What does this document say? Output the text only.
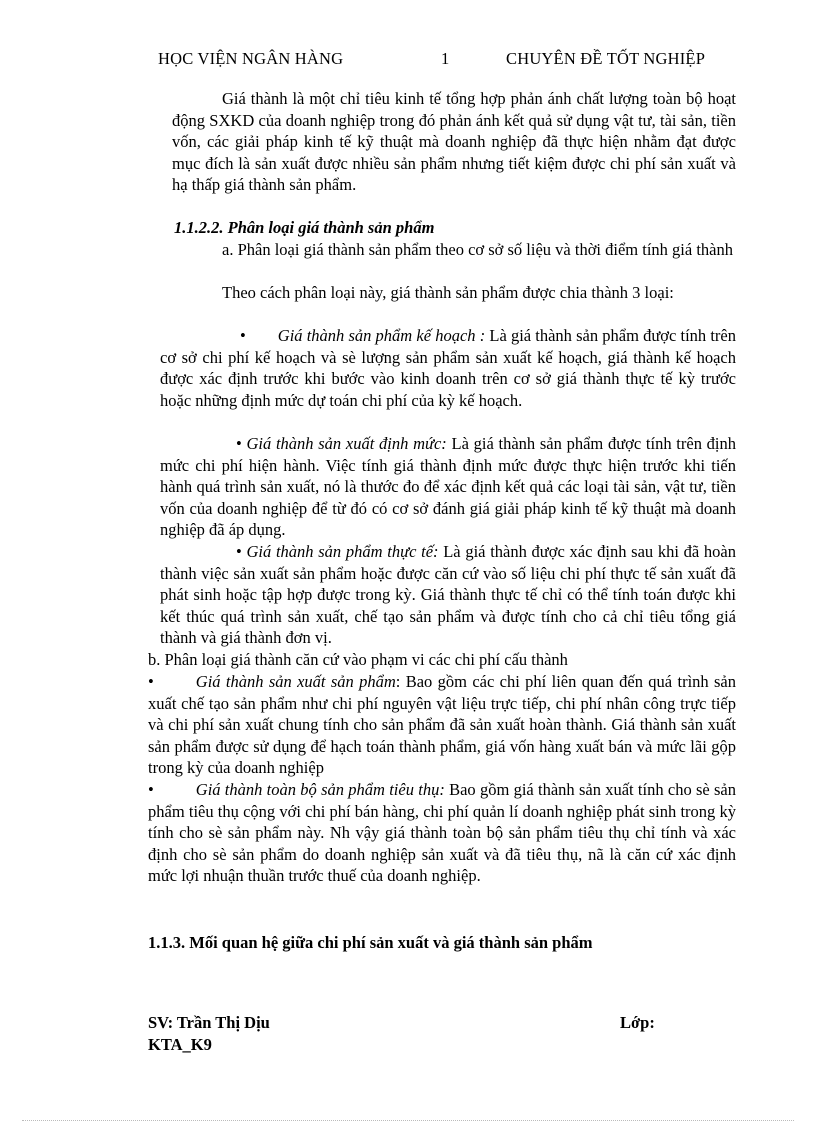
HỌC VIỆN NGÂN HÀNG	1	CHUYÊN ĐỀ TỐT NGHIỆP

Giá thành là một chỉ tiêu kinh tế tổng hợp phản ánh chất lượng toàn bộ hoạt động SXKD của doanh nghiệp trong đó phản ánh kết quả sử dụng vật tư, tài sản, tiền vốn, các giải pháp kinh tế kỹ thuật mà doanh nghiệp đã thực hiện nhằm đạt được mục đích là sản xuất được nhiều sản phẩm nhưng tiết kiệm được chi phí sản xuất và hạ thấp giá thành sản phẩm.

1.1.2.2. Phân loại giá thành sản phẩm

a. Phân loại giá thành sản phẩm theo cơ sở số liệu và thời điểm tính giá thành

Theo cách phân loại này, giá thành sản phẩm được chia thành 3 loại:

• Giá thành sản phẩm kế hoạch : Là giá thành sản phẩm được tính trên cơ sở chi phí kế hoạch và sè lượng sản phẩm sản xuất kế hoạch, giá thành kế hoạch được xác định trước khi bước vào kinh doanh trên cơ sở giá thành thực tế kỳ trước hoặc những định mức dự toán chi phí của kỳ kế hoạch.

• Giá thành sản xuất định mức: Là giá thành sản phẩm được tính trên định mức chi phí hiện hành. Việc tính giá thành định mức được thực hiện trước khi tiến hành quá trình sản xuất, nó là thước đo để xác định kết quả các loại tài sản, vật tư, tiền vốn của doanh nghiệp để từ đó có cơ sở đánh giá giải pháp kinh tế kỹ thuật mà doanh nghiệp đã áp dụng.

• Giá thành sản phẩm thực tế: Là giá thành được xác định sau khi đã hoàn thành việc sản xuất sản phẩm hoặc được căn cứ vào số liệu chi phí thực tế sản xuất đã phát sinh hoặc tập hợp được trong kỳ. Giá thành thực tế chỉ có thể tính toán được khi kết thúc quá trình sản xuất, chế tạo sản phẩm và được tính cho cả chỉ tiêu tổng giá thành và giá thành đơn vị.

b. Phân loại giá thành căn cứ vào phạm vi các chi phí cấu thành

•	Giá thành sản xuất sản phẩm: Bao gồm các chi phí liên quan đến quá trình sản xuất chế tạo sản phẩm như chi phí nguyên vật liệu trực tiếp, chi phí nhân công trực tiếp và chi phí sản xuất chung tính cho sản phẩm đã sản xuất hoàn thành. Giá thành sản xuất sản phẩm được sử dụng để hạch toán thành phẩm, giá vốn hàng xuất bán và mức lãi gộp trong kỳ của doanh nghiệp

•	Giá thành toàn bộ sản phẩm tiêu thụ: Bao gồm giá thành sản xuất tính cho sè sản phẩm tiêu thụ cộng với chi phí bán hàng, chi phí quản lí doanh nghiệp phát sinh trong kỳ tính cho sè sản phẩm này. Nh vậy giá thành toàn bộ sản phẩm tiêu thụ chỉ tính và xác định cho sè sản phẩm do doanh nghiệp sản xuất và đã tiêu thụ, nã là căn cứ xác định mức lợi nhuận thuần trước thuế của doanh nghiệp.

1.1.3. Mối quan hệ giữa chi phí sản xuất và giá thành sản phẩm
SV: Trần Thị Dịu	Lớp:
KTA_K9
